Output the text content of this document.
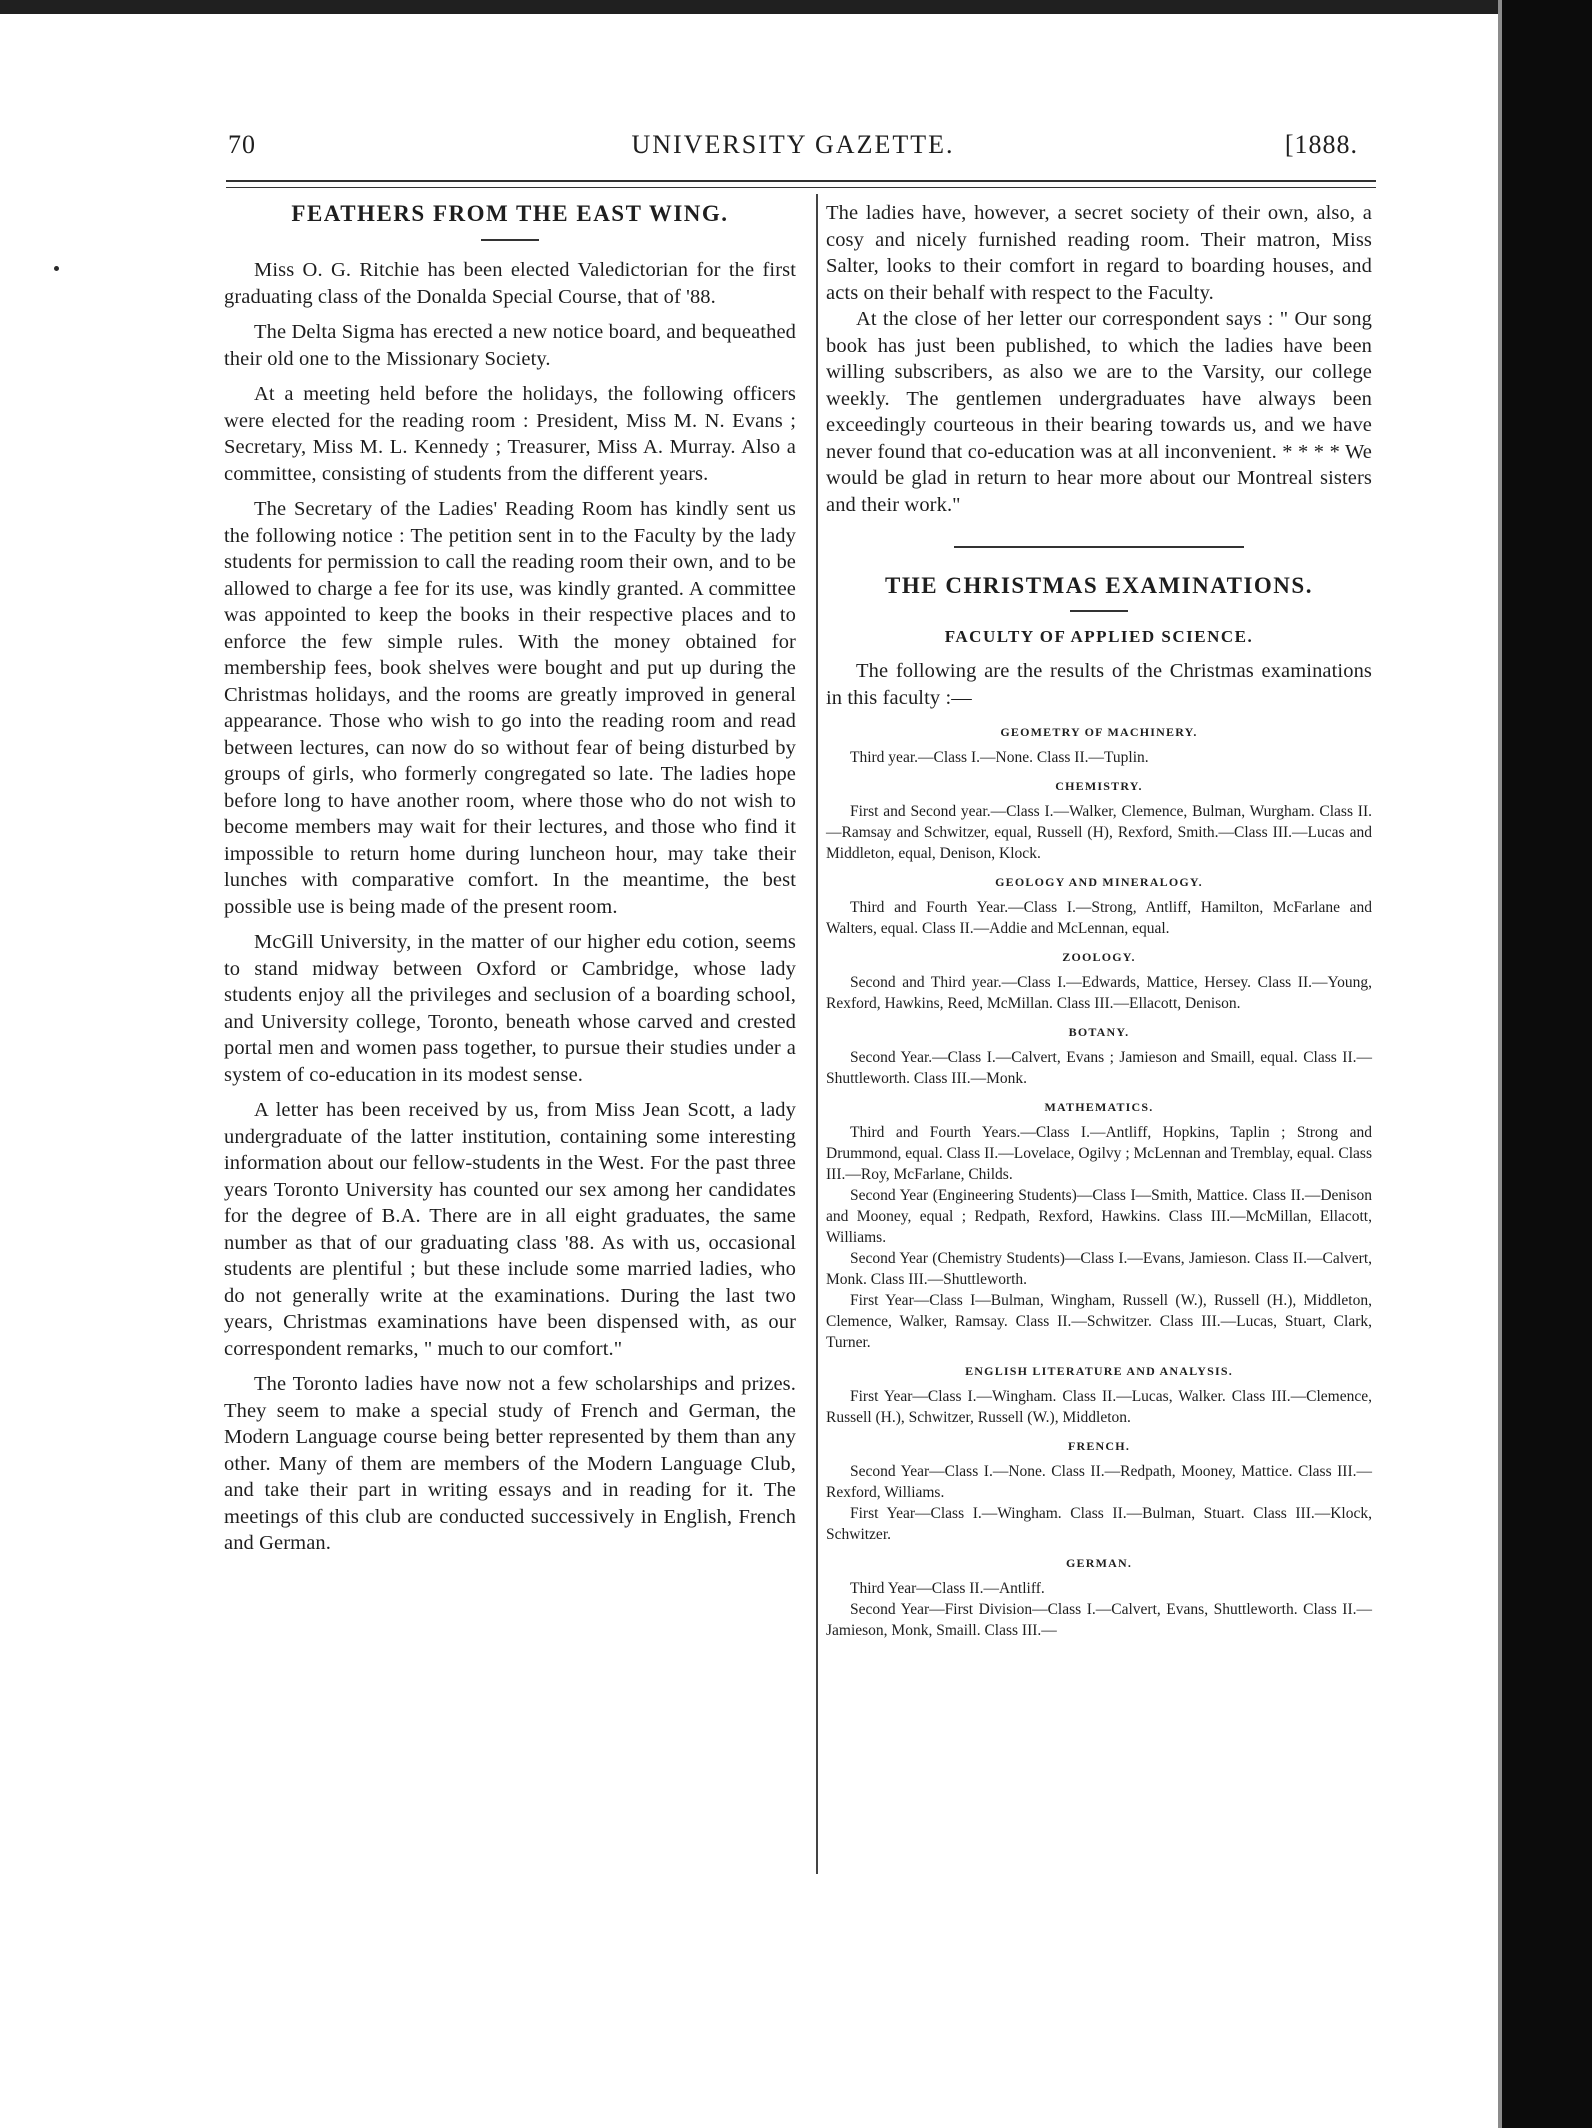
70	UNIVERSITY GAZETTE.	[1888.
FEATHERS FROM THE EAST WING.

Miss O. G. Ritchie has been elected Valedictorian for the first graduating class of the Donalda Special Course, that of '88.

The Delta Sigma has erected a new notice board, and bequeathed their old one to the Missionary Society.

At a meeting held before the holidays, the following officers were elected for the reading room : President, Miss M. N. Evans ; Secretary, Miss M. L. Kennedy ; Treasurer, Miss A. Murray. Also a committee, consisting of students from the different years.

The Secretary of the Ladies' Reading Room has kindly sent us the following notice : The petition sent in to the Faculty by the lady students for permission to call the reading room their own, and to be allowed to charge a fee for its use, was kindly granted. A committee was appointed to keep the books in their respective places and to enforce the few simple rules. With the money obtained for membership fees, book shelves were bought and put up during the Christmas holidays, and the rooms are greatly improved in general appearance. Those who wish to go into the reading room and read between lectures, can now do so without fear of being disturbed by groups of girls, who formerly congregated so late. The ladies hope before long to have another room, where those who do not wish to become members may wait for their lectures, and those who find it impossible to return home during luncheon hour, may take their lunches with comparative comfort. In the meantime, the best possible use is being made of the present room.

McGill University, in the matter of our higher edu cotion, seems to stand midway between Oxford or Cambridge, whose lady students enjoy all the privileges and seclusion of a boarding school, and University college, Toronto, beneath whose carved and crested portal men and women pass together, to pursue their studies under a system of co-education in its modest sense.

A letter has been received by us, from Miss Jean Scott, a lady undergraduate of the latter institution, containing some interesting information about our fellow-students in the West. For the past three years Toronto University has counted our sex among her candidates for the degree of B.A. There are in all eight graduates, the same number as that of our graduating class '88. As with us, occasional students are plentiful ; but these include some married ladies, who do not generally write at the examinations. During the last two years, Christmas examinations have been dispensed with, as our correspondent remarks, " much to our comfort."

The Toronto ladies have now not a few scholarships and prizes. They seem to make a special study of French and German, the Modern Language course being better represented by them than any other. Many of them are members of the Modern Language Club, and take their part in writing essays and in reading for it. The meetings of this club are conducted successively in English, French and German.

The ladies have, however, a secret society of their own, also, a cosy and nicely furnished reading room. Their matron, Miss Salter, looks to their comfort in regard to boarding houses, and acts on their behalf with respect to the Faculty.

At the close of her letter our correspondent says : " Our song book has just been published, to which the ladies have been willing subscribers, as also we are to the Varsity, our college weekly. The gentlemen undergraduates have always been exceedingly courteous in their bearing towards us, and we have never found that co-education was at all inconvenient. * * * * We would be glad in return to hear more about our Montreal sisters and their work."

THE CHRISTMAS EXAMINATIONS.
FACULTY OF APPLIED SCIENCE.

The following are the results of the Christmas examinations in this faculty :—

GEOMETRY OF MACHINERY.

Third year.—Class I.—None. Class II.—Tuplin.

CHEMISTRY.

First and Second year.—Class I.—Walker, Clemence, Bulman, Wurgham. Class II.—Ramsay and Schwitzer, equal, Russell (H), Rexford, Smith.—Class III.—Lucas and Middleton, equal, Denison, Klock.

GEOLOGY AND MINERALOGY.

Third and Fourth Year.—Class I.—Strong, Antliff, Hamilton, McFarlane and Walters, equal. Class II.—Addie and McLennan, equal.

ZOOLOGY.

Second and Third year.—Class I.—Edwards, Mattice, Hersey. Class II.—Young, Rexford, Hawkins, Reed, McMillan. Class III.—Ellacott, Denison.

BOTANY.

Second Year.—Class I.—Calvert, Evans ; Jamieson and Smaill, equal. Class II.—Shuttleworth. Class III.—Monk.

MATHEMATICS.

Third and Fourth Years.—Class I.—Antliff, Hopkins, Taplin ; Strong and Drummond, equal. Class II.—Lovelace, Ogilvy ; McLennan and Tremblay, equal. Class III.—Roy, McFarlane, Childs.

Second Year (Engineering Students)—Class I—Smith, Mattice. Class II.—Denison and Mooney, equal ; Redpath, Rexford, Hawkins. Class III.—McMillan, Ellacott, Williams.

Second Year (Chemistry Students)—Class I.—Evans, Jamieson. Class II.—Calvert, Monk. Class III.—Shuttleworth.

First Year—Class I—Bulman, Wingham, Russell (W.), Russell (H.), Middleton, Clemence, Walker, Ramsay. Class II.—Schwitzer. Class III.—Lucas, Stuart, Clark, Turner.

ENGLISH LITERATURE AND ANALYSIS.

First Year—Class I.—Wingham. Class II.—Lucas, Walker. Class III.—Clemence, Russell (H.), Schwitzer, Russell (W.), Middleton.

FRENCH.

Second Year—Class I.—None. Class II.—Redpath, Mooney, Mattice. Class III.—Rexford, Williams.

First Year—Class I.—Wingham. Class II.—Bulman, Stuart. Class III.—Klock, Schwitzer.

GERMAN.

Third Year—Class II.—Antliff.

Second Year—First Division—Class I.—Calvert, Evans, Shuttleworth. Class II.—Jamieson, Monk, Smaill. Class III.—
